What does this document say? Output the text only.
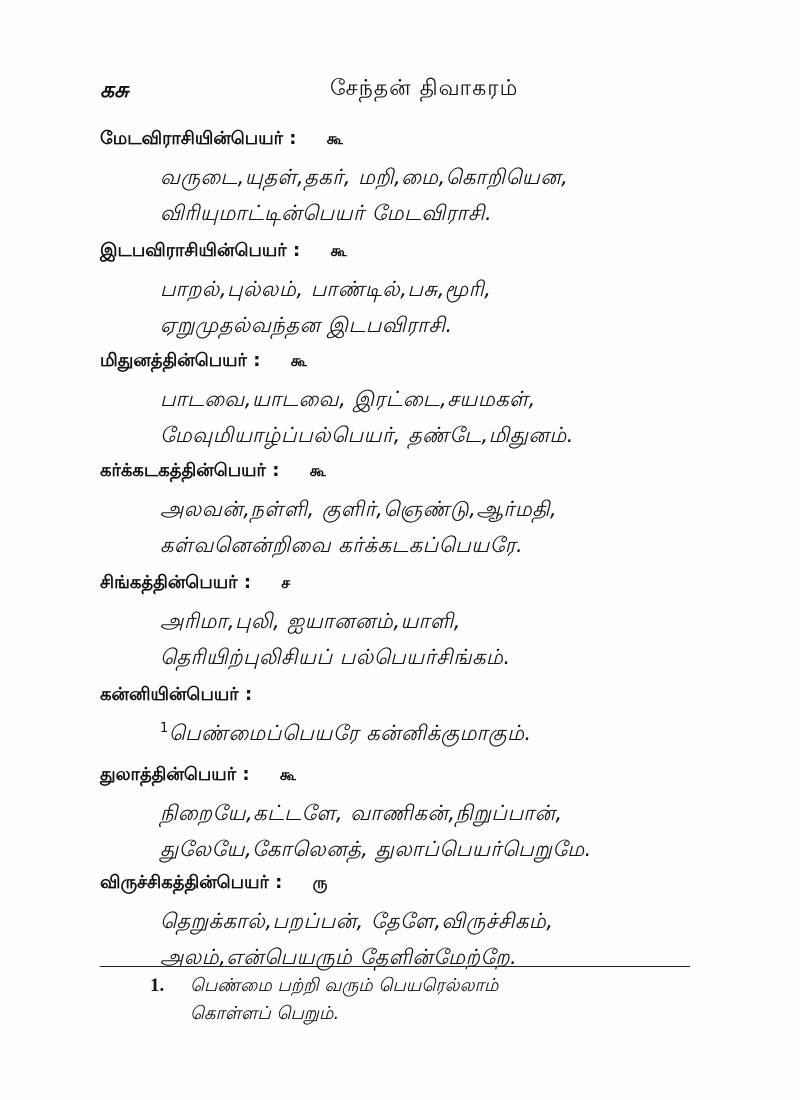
கசு	சேந்தன் திவாகரம்
மேடவிராசியின்பெயர் : கூ
வருடை,யுதள்,தகர், மறி,மை,கொறியென,
விரியுமாட்டின்பெயர் மேடவிராசி.
இடபவிராசியின்பெயர் : கூ
பாறல்,புல்லம், பாண்டில்,பசு,மூரி,
ஏறுமுதல்வந்தன இடபவிராசி.
மிதுனத்தின்பெயர் : கூ
பாடவை,யாடவை, இரட்டை,சயமகள்,
மேவுமியாழ்ப்பல்பெயர், தண்டே,மிதுனம்.
கர்க்கடகத்தின்பெயர் : கூ
அலவன்,நள்ளி, குளிர்,ஞெண்டு,ஆர்மதி,
கள்வனென்றிவை கர்க்கடகப்பெயரே.
சிங்கத்தின்பெயர் : ச
அரிமா,புலி, ஐயானனம்,யாளி,
தெரியிற்புலிசியப் பல்பெயர்சிங்கம்.
கன்னியின்பெயர் :
$^1$பெண்மைப்பெயரே கன்னிக்குமாகும்.
துலாத்தின்பெயர் : கூ
நிறையே,கட்டளே, வாணிகன்,நிறுப்பான்,
துலேயே,கோலெனத், துலாப்பெயர்பெறுமே.
விருச்சிகத்தின்பெயர் : ரு
தெறுக்கால்,பறப்பன், தேளே,விருச்சிகம்,
அலம்,என்பெயரும் தேளின்மேற்றே.
1. பெண்மை பற்றி வரும் பெயரெல்லாம்
கொள்ளப் பெறும்.
